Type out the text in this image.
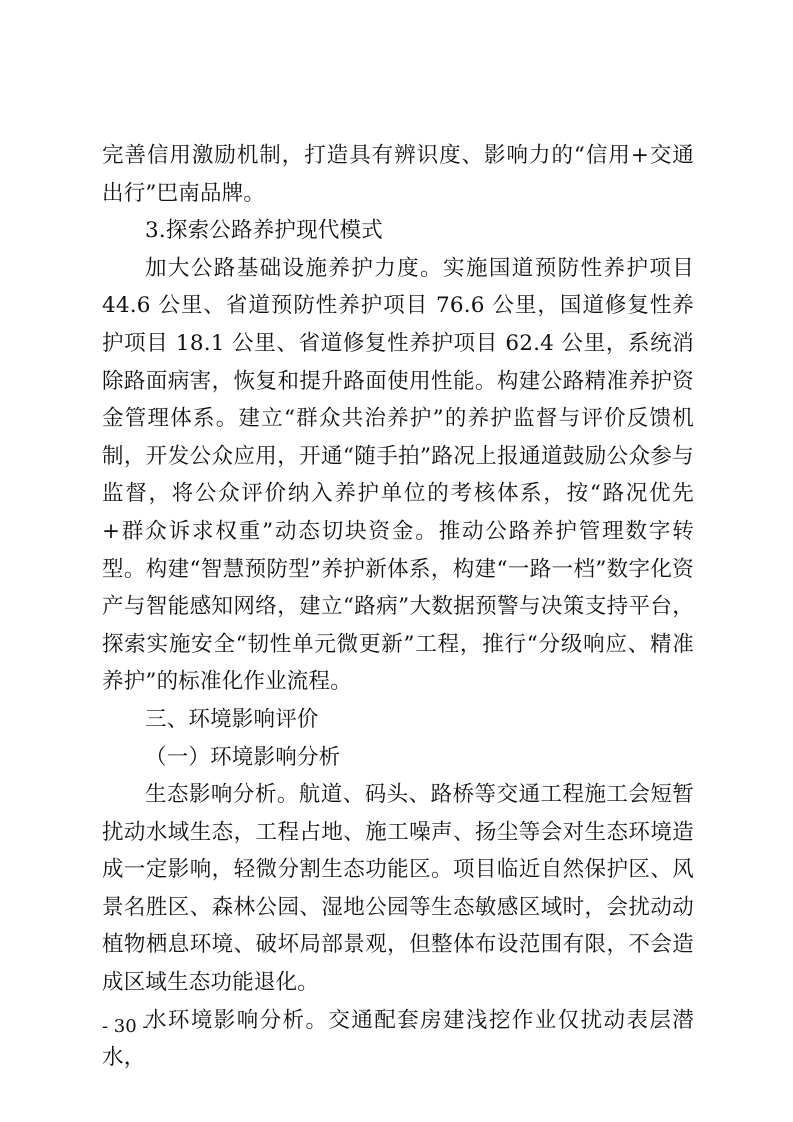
完善信用激励机制，打造具有辨识度、影响力的“信用+交通出行”巴南品牌。

3.探索公路养护现代模式

加大公路基础设施养护力度。实施国道预防性养护项目 44.6 公里、省道预防性养护项目 76.6 公里，国道修复性养护项目 18.1 公里、省道修复性养护项目 62.4 公里，系统消除路面病害，恢复和提升路面使用性能。构建公路精准养护资金管理体系。建立“群众共治养护”的养护监督与评价反馈机制，开发公众应用，开通“随手拍”路况上报通道鼓励公众参与监督，将公众评价纳入养护单位的考核体系，按“路况优先+群众诉求权重”动态切块资金。推动公路养护管理数字转型。构建“智慧预防型”养护新体系，构建“一路一档”数字化资产与智能感知网络，建立“路病”大数据预警与决策支持平台，探索实施安全“韧性单元微更新”工程，推行“分级响应、精准养护”的标准化作业流程。

三、环境影响评价

（一）环境影响分析

生态影响分析。航道、码头、路桥等交通工程施工会短暂扰动水域生态，工程占地、施工噪声、扬尘等会对生态环境造成一定影响，轻微分割生态功能区。项目临近自然保护区、风景名胜区、森林公园、湿地公园等生态敏感区域时，会扰动动植物栖息环境、破坏局部景观，但整体布设范围有限，不会造成区域生态功能退化。

水环境影响分析。交通配套房建浅挖作业仅扰动表层潜水，

- 30 -
